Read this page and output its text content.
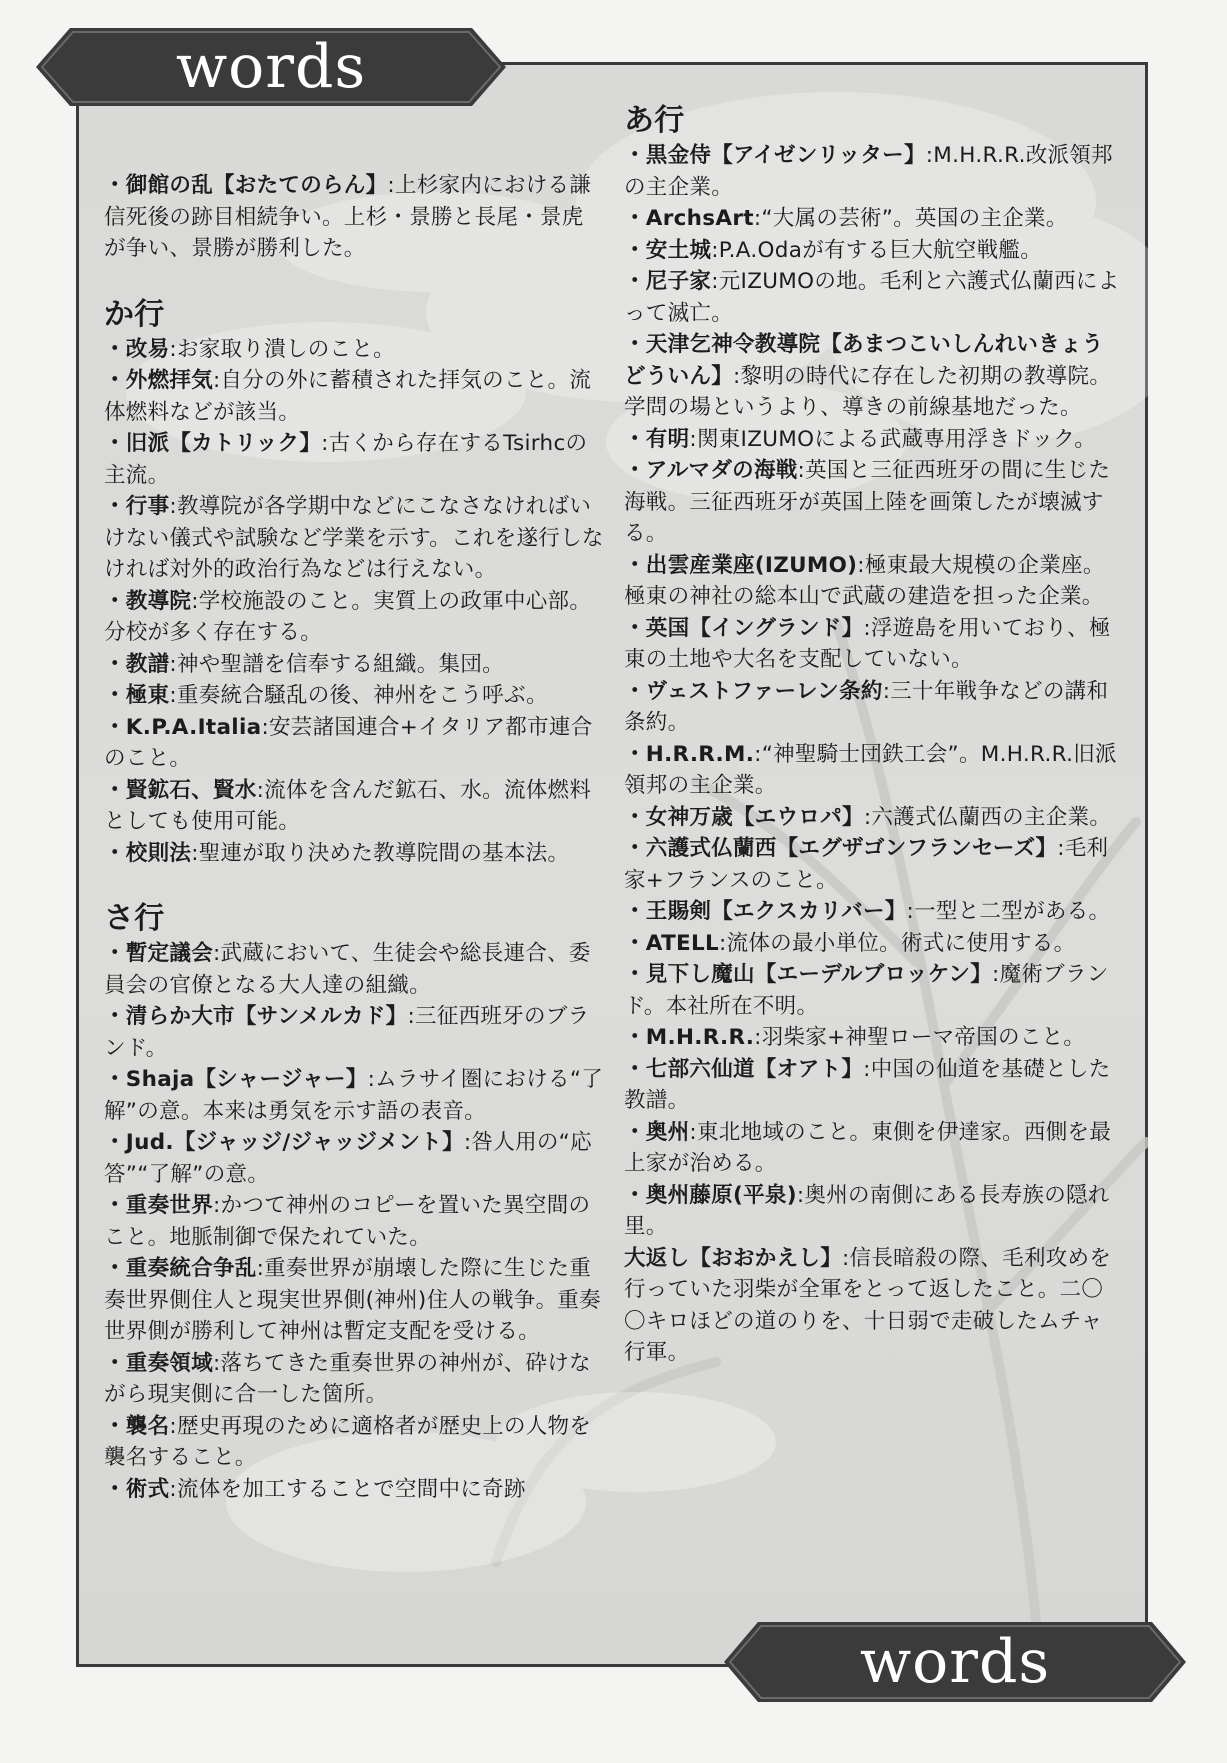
words

・御館の乱【おたてのらん】:上杉家内における謙信死後の跡目相続争い。上杉・景勝と長尾・景虎が争い、景勝が勝利した。

か行

・改易:お家取り潰しのこと。

・外燃拝気:自分の外に蓄積された拝気のこと。流体燃料などが該当。

・旧派【カトリック】:古くから存在するTsirhcの主流。

・行事:教導院が各学期中などにこなさなければいけない儀式や試験など学業を示す。これを遂行しなければ対外的政治行為などは行えない。

・教導院:学校施設のこと。実質上の政軍中心部。分校が多く存在する。

・教譜:神や聖譜を信奉する組織。集団。

・極東:重奏統合騒乱の後、神州をこう呼ぶ。

・K.P.A.Italia:安芸諸国連合+イタリア都市連合のこと。

・賢鉱石、賢水:流体を含んだ鉱石、水。流体燃料としても使用可能。

・校則法:聖連が取り決めた教導院間の基本法。

さ行

・暫定議会:武蔵において、生徒会や総長連合、委員会の官僚となる大人達の組織。

・清らか大市【サンメルカド】:三征西班牙のブランド。

・Shaja【シャージャー】:ムラサイ圏における“了解”の意。本来は勇気を示す語の表音。

・Jud.【ジャッジ/ジャッジメント】:咎人用の“応答”“了解”の意。

・重奏世界:かつて神州のコピーを置いた異空間のこと。地脈制御で保たれていた。

・重奏統合争乱:重奏世界が崩壊した際に生じた重奏世界側住人と現実世界側(神州)住人の戦争。重奏世界側が勝利して神州は暫定支配を受ける。

・重奏領域:落ちてきた重奏世界の神州が、砕けながら現実側に合一した箇所。

・襲名:歴史再現のために適格者が歴史上の人物を襲名すること。

・術式:流体を加工することで空間中に奇跡

あ行

・黒金侍【アイゼンリッター】:M.H.R.R.改派領邦の主企業。

・ArchsArt:“大属の芸術”。英国の主企業。

・安土城:P.A.Odaが有する巨大航空戦艦。

・尼子家:元IZUMOの地。毛利と六護式仏蘭西によって滅亡。

・天津乞神令教導院【あまつこいしんれいきょうどういん】:黎明の時代に存在した初期の教導院。学問の場というより、導きの前線基地だった。

・有明:関東IZUMOによる武蔵専用浮きドック。

・アルマダの海戦:英国と三征西班牙の間に生じた海戦。三征西班牙が英国上陸を画策したが壊滅する。

・出雲産業座(IZUMO):極東最大規模の企業座。極東の神社の総本山で武蔵の建造を担った企業。

・英国【イングランド】:浮遊島を用いており、極東の土地や大名を支配していない。

・ヴェストファーレン条約:三十年戦争などの講和条約。

・H.R.R.M.:“神聖騎士団鉄工会”。M.H.R.R.旧派領邦の主企業。

・女神万歳【エウロパ】:六護式仏蘭西の主企業。

・六護式仏蘭西【エグザゴンフランセーズ】:毛利家+フランスのこと。

・王賜剣【エクスカリバー】:一型と二型がある。

・ATELL:流体の最小単位。術式に使用する。

・見下し魔山【エーデルブロッケン】:魔術ブランド。本社所在不明。

・M.H.R.R.:羽柴家+神聖ローマ帝国のこと。

・七部六仙道【オアト】:中国の仙道を基礎とした教譜。

・奥州:東北地域のこと。東側を伊達家。西側を最上家が治める。

・奥州藤原(平泉):奥州の南側にある長寿族の隠れ里。

大返し【おおかえし】:信長暗殺の際、毛利攻めを行っていた羽柴が全軍をとって返したこと。二〇〇キロほどの道のりを、十日弱で走破したムチャ行軍。

words
